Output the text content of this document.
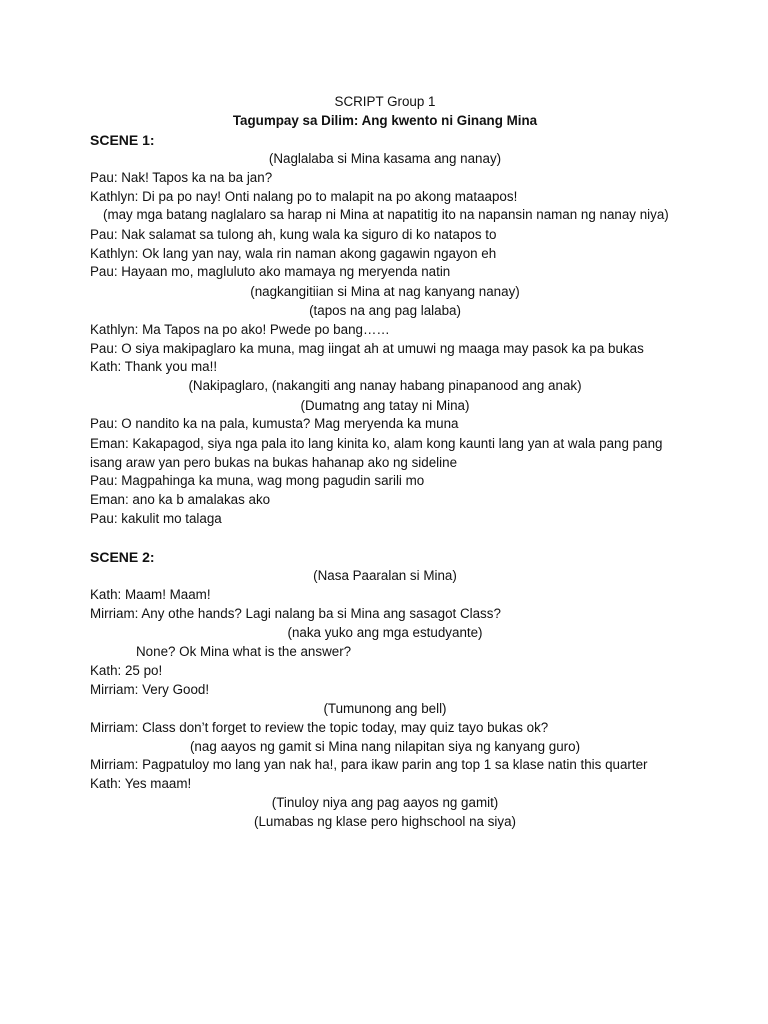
SCRIPT Group 1
Tagumpay sa Dilim: Ang kwento ni Ginang Mina
SCENE 1:
(Naglalaba si Mina kasama ang nanay)
Pau: Nak! Tapos ka na ba jan?
Kathlyn: Di pa po nay! Onti nalang po to malapit na po akong mataapos!
(may mga batang naglalaro sa harap ni Mina at napatitig ito na napansin naman ng nanay niya)
Pau: Nak salamat sa tulong ah, kung wala ka siguro di ko natapos to
Kathlyn: Ok lang yan nay, wala rin naman akong gagawin ngayon eh
Pau: Hayaan mo, magluluto ako mamaya ng meryenda natin
(nagkangitiian si Mina at nag kanyang nanay)
(tapos na ang pag lalaba)
Kathlyn: Ma Tapos na po ako! Pwede po bang……
Pau: O siya makipaglaro ka muna, mag iingat ah at umuwi ng maaga may pasok ka pa bukas
Kath: Thank you ma!!
(Nakipaglaro, (nakangiti ang nanay habang pinapanood ang anak)
(Dumatng ang tatay ni Mina)
Pau: O nandito ka na pala, kumusta? Mag meryenda ka muna
Eman: Kakapagod, siya nga pala ito lang kinita ko, alam kong kaunti lang yan at wala pang pang
isang araw yan pero bukas na bukas hahanap ako ng sideline
Pau: Magpahinga ka muna, wag mong pagudin sarili mo
Eman: ano ka b amalakas ako
Pau: kakulit mo talaga
SCENE 2:
(Nasa Paaralan si Mina)
Kath: Maam! Maam!
Mirriam: Any othe hands? Lagi nalang ba si Mina ang sasagot Class?
(naka yuko ang mga estudyante)
None? Ok Mina what is the answer?
Kath: 25 po!
Mirriam: Very Good!
(Tumunong ang bell)
Mirriam: Class don’t forget to review the topic today, may quiz tayo bukas ok?
(nag aayos ng gamit si Mina nang nilapitan siya ng kanyang guro)
Mirriam: Pagpatuloy mo lang yan nak ha!, para ikaw parin ang top 1 sa klase natin this quarter
Kath: Yes maam!
(Tinuloy niya ang pag aayos ng gamit)
(Lumabas ng klase pero highschool na siya)
